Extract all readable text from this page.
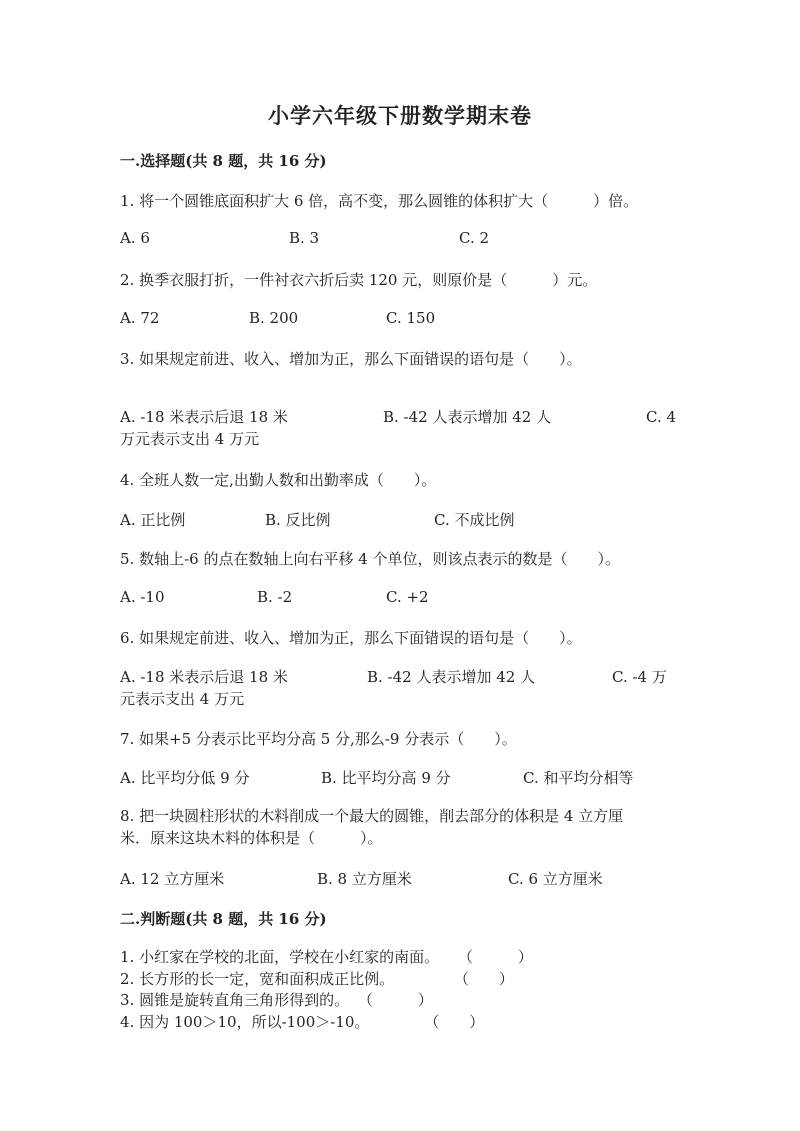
小学六年级下册数学期末卷
一.选择题(共 8 题，共 16 分)
1. 将一个圆锥底面积扩大 6 倍，高不变，那么圆锥的体积扩大（　　　）倍。
A. 6	B. 3	C. 2
2. 换季衣服打折，一件衬衣六折后卖 120 元，则原价是（　　　）元。
A. 72	B. 200	C. 150
3. 如果规定前进、收入、增加为正，那么下面错误的语句是（　　）。
A. -18 米表示后退 18 米	B. -42 人表示增加 42 人	C. 4
万元表示支出 4 万元
4. 全班人数一定,出勤人数和出勤率成（　　）。
A. 正比例	B. 反比例	C. 不成比例
5. 数轴上-6 的点在数轴上向右平移 4 个单位，则该点表示的数是（　　）。
A. -10	B. -2	C. +2
6. 如果规定前进、收入、增加为正，那么下面错误的语句是（　　）。
A. -18 米表示后退 18 米	B. -42 人表示增加 42 人	C. -4 万
元表示支出 4 万元
7. 如果+5 分表示比平均分高 5 分,那么-9 分表示（　　）。
A. 比平均分低 9 分	B. 比平均分高 9 分	C. 和平均分相等
8. 把一块圆柱形状的木料削成一个最大的圆锥，削去部分的体积是 4 立方厘
米．原来这块木料的体积是（　　　）。
A. 12 立方厘米	B. 8 立方厘米	C. 6 立方厘米
二.判断题(共 8 题，共 16 分)
1. 小红家在学校的北面，学校在小红家的南面。 （　　　）
2. 长方形的长一定，宽和面积成正比例。	（　　）
3. 圆锥是旋转直角三角形得到的。 （　　　）
4. 因为 100＞10，所以-100＞-10。	（　　）
